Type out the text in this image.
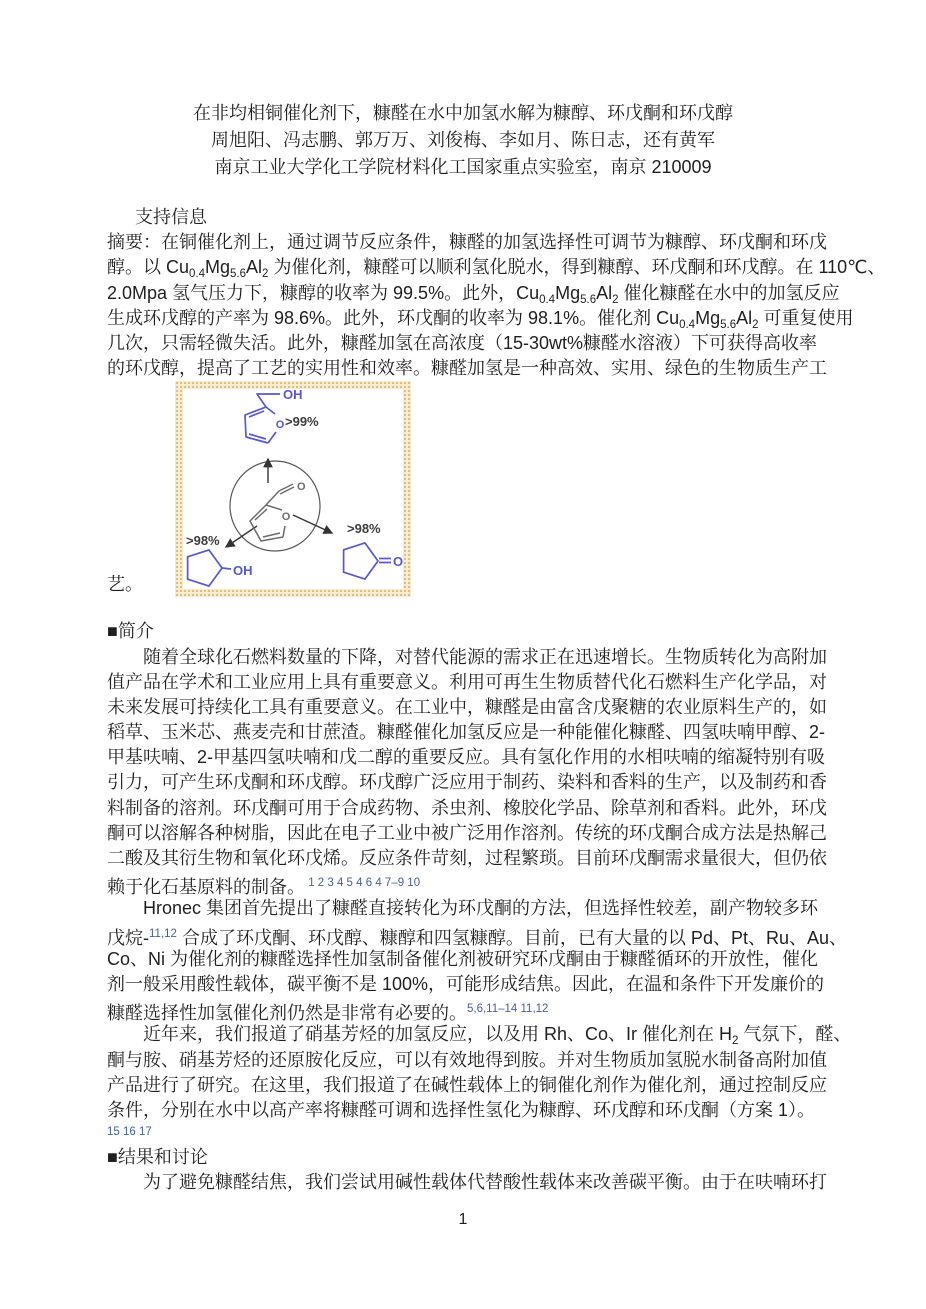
在非均相铜催化剂下，糠醛在水中加氢水解为糠醇、环戊酮和环戊醇
周旭阳、冯志鹏、郭万万、刘俊梅、李如月、陈日志，还有黄军
南京工业大学化工学院材料化工国家重点实验室，南京 210009
支持信息
摘要：在铜催化剂上，通过调节反应条件，糠醛的加氢选择性可调节为糠醇、环戊酮和环戊
醇。以 $Cu_{0.4}Mg_{5.6}Al_2$ 为催化剂，糠醛可以顺利氢化脱水，得到糠醇、环戊酮和环戊醇。在 110℃、
2.0Mpa 氢气压力下，糠醇的收率为 99.5%。此外，$Cu_{0.4}Mg_{5.6}Al_2$ 催化糠醛在水中的加氢反应
生成环戊醇的产率为 98.6%。此外，环戊酮的收率为 98.1%。催化剂 $Cu_{0.4}Mg_{5.6}Al_2$ 可重复使用
几次，只需轻微失活。此外，糠醛加氢在高浓度（15-30wt%糠醛水溶液）下可获得高收率
的环戊醇，提高了工艺的实用性和效率。糠醛加氢是一种高效、实用、绿色的生物质生产工
艺。
O
O
O
OH
>99%
OH
>98%
O
>98%
■简介
随着全球化石燃料数量的下降，对替代能源的需求正在迅速增长。生物质转化为高附加
值产品在学术和工业应用上具有重要意义。利用可再生生物质替代化石燃料生产化学品，对
未来发展可持续化工具有重要意义。在工业中，糠醛是由富含戊聚糖的农业原料生产的，如
稻草、玉米芯、燕麦壳和甘蔗渣。糠醛催化加氢反应是一种能催化糠醛、四氢呋喃甲醇、2-
甲基呋喃、2-甲基四氢呋喃和戊二醇的重要反应。具有氢化作用的水相呋喃的缩凝特别有吸
引力，可产生环戊酮和环戊醇。环戊醇广泛应用于制药、染料和香料的生产，以及制药和香
料制备的溶剂。环戊酮可用于合成药物、杀虫剂、橡胶化学品、除草剂和香料。此外，环戊
酮可以溶解各种树脂，因此在电子工业中被广泛用作溶剂。传统的环戊酮合成方法是热解己
二酸及其衍生物和氧化环戊烯。反应条件苛刻，过程繁琐。目前环戊酮需求量很大，但仍依
赖于化石基原料的制备。 $^{1 2 3 4 5 4 6 4 7-9 10}$
Hronec 集团首先提出了糠醛直接转化为环戊酮的方法，但选择性较差，副产物较多环
戊烷-$^{11,12}$ 合成了环戊酮、环戊醇、糠醇和四氢糠醇。目前，已有大量的以 Pd、Pt、Ru、Au、
Co、Ni 为催化剂的糠醛选择性加氢制备催化剂被研究环戊酮由于糠醛循环的开放性，催化
剂一般采用酸性载体，碳平衡不是 100%，可能形成结焦。因此，在温和条件下开发廉价的
糠醛选择性加氢催化剂仍然是非常有必要的。$^{5,6,11-14 11,12}$
近年来，我们报道了硝基芳烃的加氢反应，以及用 Rh、Co、Ir 催化剂在 $H_2$ 气氛下，醛、
酮与胺、硝基芳烃的还原胺化反应，可以有效地得到胺。并对生物质加氢脱水制备高附加值
产品进行了研究。在这里，我们报道了在碱性载体上的铜催化剂作为催化剂，通过控制反应
条件，分别在水中以高产率将糠醛可调和选择性氢化为糠醇、环戊醇和环戊酮（方案 1）。
$^{15 16 17}$
■结果和讨论
为了避免糠醛结焦，我们尝试用碱性载体代替酸性载体来改善碳平衡。由于在呋喃环打
1
